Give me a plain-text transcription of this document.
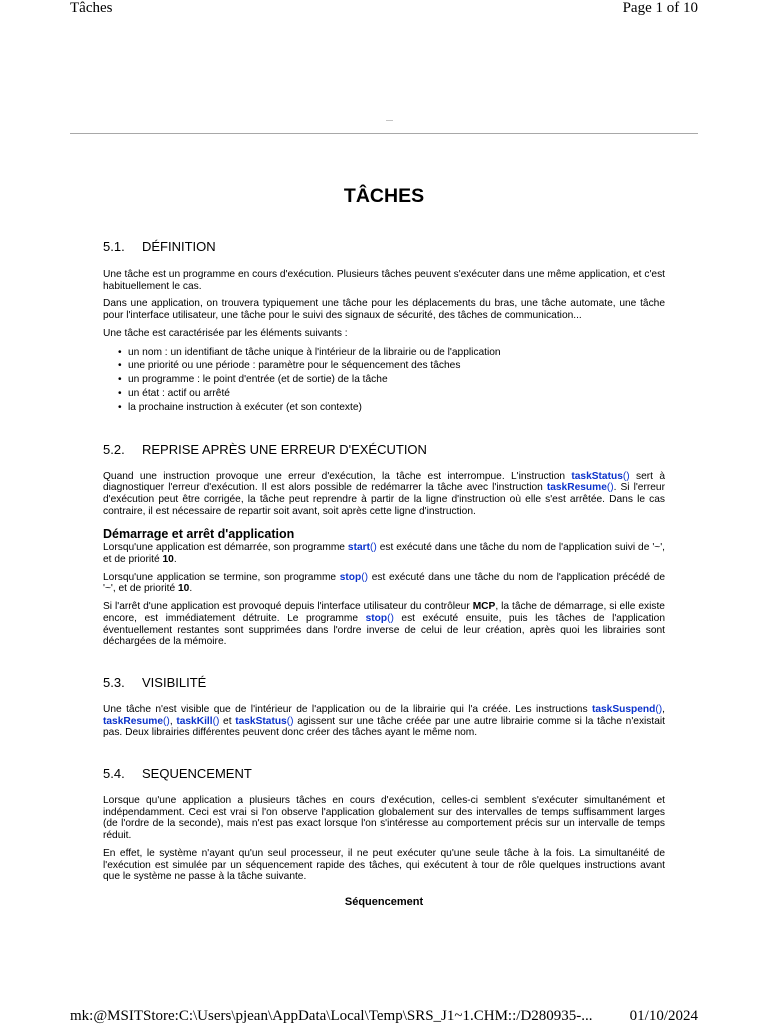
Tâches	Page 1 of 10
—
TÂCHES
5.1. DÉFINITION

Une tâche est un programme en cours d'exécution. Plusieurs tâches peuvent s'exécuter dans une même application, et c'est habituellement le cas.

Dans une application, on trouvera typiquement une tâche pour les déplacements du bras, une tâche automate, une tâche pour l'interface utilisateur, une tâche pour le suivi des signaux de sécurité, des tâches de communication...

Une tâche est caractérisée par les éléments suivants :

• un nom : un identifiant de tâche unique à l'intérieur de la librairie ou de l'application
• une priorité ou une période : paramètre pour le séquencement des tâches
• un programme : le point d'entrée (et de sortie) de la tâche
• un état : actif ou arrêté
• la prochaine instruction à exécuter (et son contexte)
5.2. REPRISE APRÈS UNE ERREUR D'EXÉCUTION

Quand une instruction provoque une erreur d'exécution, la tâche est interrompue. L'instruction taskStatus() sert à diagnostiquer l'erreur d'exécution. Il est alors possible de redémarrer la tâche avec l'instruction taskResume(). Si l'erreur d'exécution peut être corrigée, la tâche peut reprendre à partir de la ligne d'instruction où elle s'est arrêtée. Dans le cas contraire, il est nécessaire de repartir soit avant, soit après cette ligne d'instruction.

Démarrage et arrêt d'application

Lorsqu'une application est démarrée, son programme start() est exécuté dans une tâche du nom de l'application suivi de '~', et de priorité 10.

Lorsqu'une application se termine, son programme stop() est exécuté dans une tâche du nom de l'application précédé de '~', et de priorité 10.

Si l'arrêt d'une application est provoqué depuis l'interface utilisateur du contrôleur MCP, la tâche de démarrage, si elle existe encore, est immédiatement détruite. Le programme stop() est exécuté ensuite, puis les tâches de l'application éventuellement restantes sont supprimées dans l'ordre inverse de celui de leur création, après quoi les librairies sont déchargées de la mémoire.

5.3. VISIBILITÉ

Une tâche n'est visible que de l'intérieur de l'application ou de la librairie qui l'a créée. Les instructions taskSuspend(), taskResume(), taskKill() et taskStatus() agissent sur une tâche créée par une autre librairie comme si la tâche n'existait pas. Deux librairies différentes peuvent donc créer des tâches ayant le même nom.

5.4. SEQUENCEMENT

Lorsque qu'une application a plusieurs tâches en cours d'exécution, celles-ci semblent s'exécuter simultanément et indépendamment. Ceci est vrai si l'on observe l'application globalement sur des intervalles de temps suffisamment larges (de l'ordre de la seconde), mais n'est pas exact lorsque l'on s'intéresse au comportement précis sur un intervalle de temps réduit.

En effet, le système n'ayant qu'un seul processeur, il ne peut exécuter qu'une seule tâche à la fois. La simultanéité de l'exécution est simulée par un séquencement rapide des tâches, qui exécutent à tour de rôle quelques instructions avant que le système ne passe à la tâche suivante.

Séquencement

mk:@MSITStore:C:\Users\pjean\AppData\Local\Temp\SRS_J1~1.CHM::/D280935-... 01/10/2024
